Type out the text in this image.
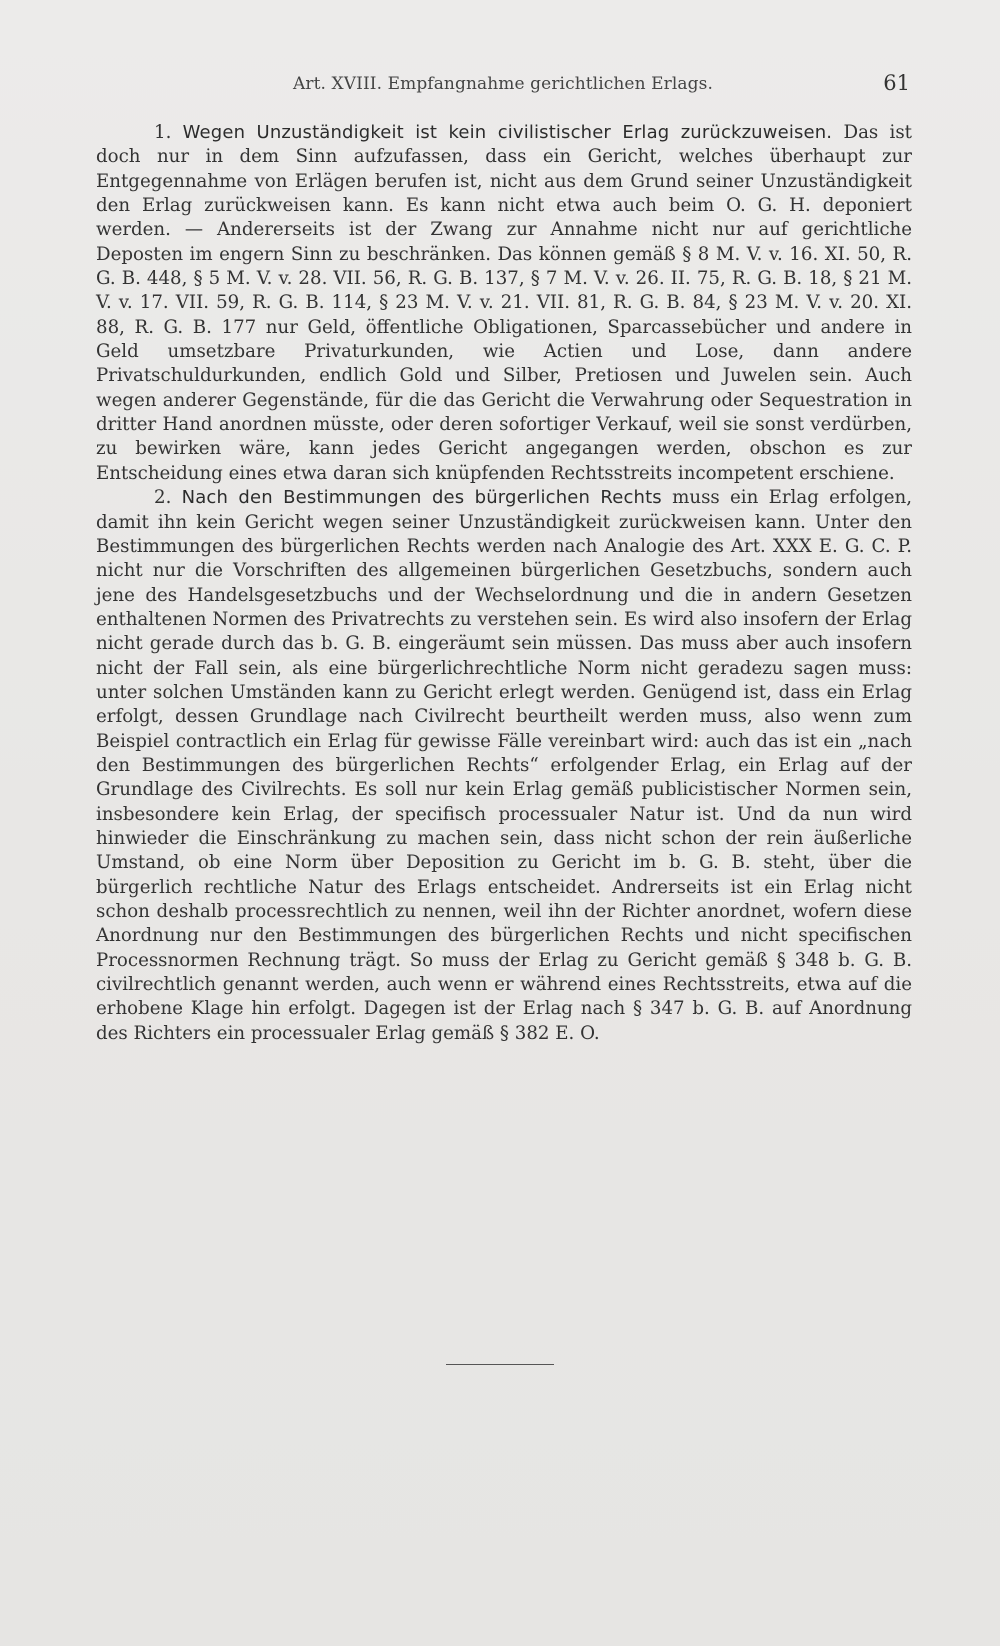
Art. XVIII. Empfangnahme gerichtlichen Erlags.	61

1. Wegen Unzuständigkeit ist kein civilistischer Erlag zurückzuweisen. Das ist doch nur in dem Sinn aufzufassen, dass ein Gericht, welches überhaupt zur Entgegennahme von Erlägen berufen ist, nicht aus dem Grund seiner Unzuständigkeit den Erlag zurückweisen kann. Es kann nicht etwa auch beim O. G. H. deponiert werden. — Andererseits ist der Zwang zur Annahme nicht nur auf gerichtliche Deposten im engern Sinn zu beschränken. Das können gemäß § 8 M. V. v. 16. XI. 50, R. G. B. 448, § 5 M. V. v. 28. VII. 56, R. G. B. 137, § 7 M. V. v. 26. II. 75, R. G. B. 18, § 21 M. V. v. 17. VII. 59, R. G. B. 114, § 23 M. V. v. 21. VII. 81, R. G. B. 84, § 23 M. V. v. 20. XI. 88, R. G. B. 177 nur Geld, öffentliche Obligationen, Sparcassebücher und andere in Geld umsetzbare Privaturkunden, wie Actien und Lose, dann andere Privatschuldurkunden, endlich Gold und Silber, Pretiosen und Juwelen sein. Auch wegen anderer Gegenstände, für die das Gericht die Verwahrung oder Sequestration in dritter Hand anordnen müsste, oder deren sofortiger Verkauf, weil sie sonst verdürben, zu bewirken wäre, kann jedes Gericht angegangen werden, obschon es zur Entscheidung eines etwa daran sich knüpfenden Rechtsstreits incompetent erschiene.

2. Nach den Bestimmungen des bürgerlichen Rechts muss ein Erlag erfolgen, damit ihn kein Gericht wegen seiner Unzuständigkeit zurückweisen kann. Unter den Bestimmungen des bürgerlichen Rechts werden nach Analogie des Art. XXX E. G. C. P. nicht nur die Vorschriften des allgemeinen bürgerlichen Gesetzbuchs, sondern auch jene des Handelsgesetzbuchs und der Wechselordnung und die in andern Gesetzen enthaltenen Normen des Privatrechts zu verstehen sein. Es wird also insofern der Erlag nicht gerade durch das b. G. B. eingeräumt sein müssen. Das muss aber auch insofern nicht der Fall sein, als eine bürgerlichrechtliche Norm nicht geradezu sagen muss: unter solchen Umständen kann zu Gericht erlegt werden. Genügend ist, dass ein Erlag erfolgt, dessen Grundlage nach Civilrecht beurtheilt werden muss, also wenn zum Beispiel contractlich ein Erlag für gewisse Fälle vereinbart wird: auch das ist ein „nach den Bestimmungen des bürgerlichen Rechts“ erfolgender Erlag, ein Erlag auf der Grundlage des Civilrechts. Es soll nur kein Erlag gemäß publicistischer Normen sein, insbesondere kein Erlag, der specifisch processualer Natur ist. Und da nun wird hinwieder die Einschränkung zu machen sein, dass nicht schon der rein äußerliche Umstand, ob eine Norm über Deposition zu Gericht im b. G. B. steht, über die bürgerlich rechtliche Natur des Erlags entscheidet. Andrerseits ist ein Erlag nicht schon deshalb processrechtlich zu nennen, weil ihn der Richter anordnet, wofern diese Anordnung nur den Bestimmungen des bürgerlichen Rechts und nicht specifischen Processnormen Rechnung trägt. So muss der Erlag zu Gericht gemäß § 348 b. G. B. civilrechtlich genannt werden, auch wenn er während eines Rechtsstreits, etwa auf die erhobene Klage hin erfolgt. Dagegen ist der Erlag nach § 347 b. G. B. auf Anordnung des Richters ein processualer Erlag gemäß § 382 E. O.
